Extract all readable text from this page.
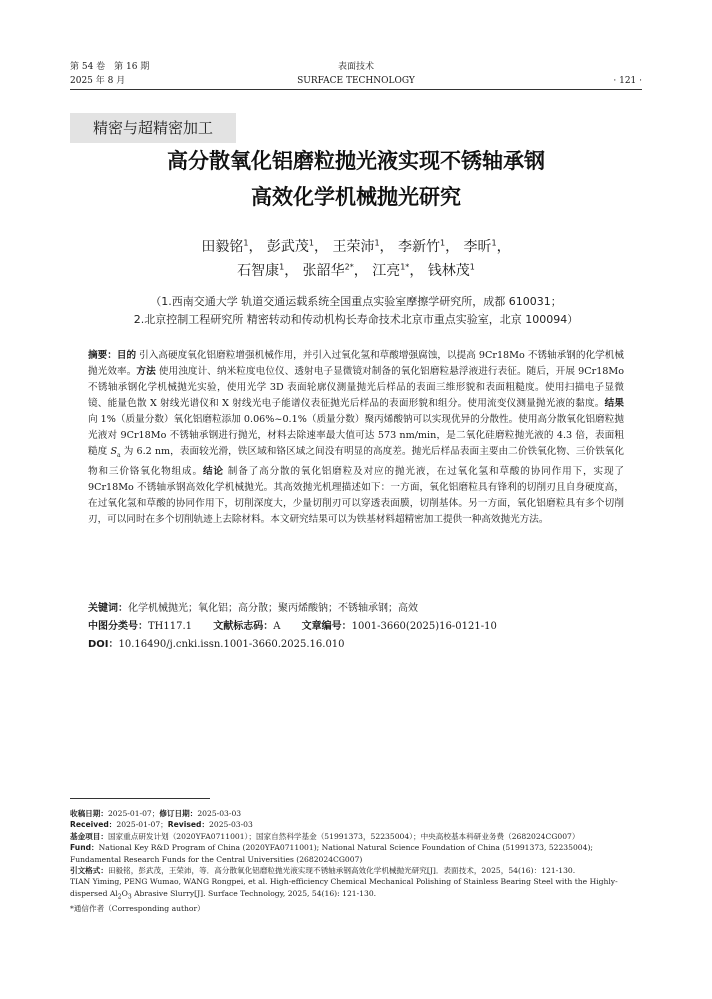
第 54 卷　第 16 期
2025 年 8 月
表面技术
SURFACE TECHNOLOGY	· 121 ·
精密与超精密加工
高分散氧化铝磨粒抛光液实现不锈轴承钢
高效化学机械抛光研究
田毅铭$^1$， 彭武茂$^1$， 王荣沛$^1$， 李新竹$^1$， 李昕$^1$，
石智康$^1$， 张韶华$^{2*}$， 江亮$^{1*}$， 钱林茂$^1$
（1.西南交通大学 轨道交通运载系统全国重点实验室摩擦学研究所，成都 610031；
2.北京控制工程研究所 精密转动和传动机构长寿命技术北京市重点实验室，北京 100094）
摘要：目的 引入高硬度氧化铝磨粒增强机械作用，并引入过氧化氢和草酸增强腐蚀，以提高 9Cr18Mo 不锈轴承钢的化学机械抛光效率。方法 使用浊度计、纳米粒度电位仪、透射电子显微镜对制备的氧化铝磨粒悬浮液进行表征。随后，开展 9Cr18Mo 不锈轴承钢化学机械抛光实验，使用光学 3D 表面轮廓仪测量抛光后样品的表面三维形貌和表面粗糙度。使用扫描电子显微镜、能量色散 X 射线光谱仪和 X 射线光电子能谱仪表征抛光后样品的表面形貌和组分。使用流变仪测量抛光液的黏度。结果 向 1%（质量分数）氧化铝磨粒添加 0.06%~0.1%（质量分数）聚丙烯酸钠可以实现优异的分散性。使用高分散氧化铝磨粒抛光液对 9Cr18Mo 不锈轴承钢进行抛光，材料去除速率最大值可达 573 nm/min，是二氧化硅磨粒抛光液的 4.3 倍，表面粗糙度 $S_a$ 为 6.2 nm，表面较光滑，铁区域和铬区域之间没有明显的高度差。抛光后样品表面主要由二价铁氧化物、三价铁氧化物和三价铬氧化物组成。结论 制备了高分散的氧化铝磨粒及对应的抛光液，在过氧化氢和草酸的协同作用下，实现了 9Cr18Mo 不锈轴承钢高效化学机械抛光。其高效抛光机理描述如下：一方面，氧化铝磨粒具有锋利的切削刃且自身硬度高，在过氧化氢和草酸的协同作用下，切削深度大，少量切削刃可以穿透表面膜，切削基体。另一方面，氧化铝磨粒具有多个切削刃，可以同时在多个切削轨迹上去除材料。本文研究结果可以为铁基材料超精密加工提供一种高效抛光方法。
关键词：化学机械抛光；氧化铝；高分散；聚丙烯酸钠；不锈轴承钢；高效
中图分类号：TH117.1 文献标志码：A 文章编号：1001-3660(2025)16-0121-10
DOI：10.16490/j.cnki.issn.1001-3660.2025.16.010
收稿日期：2025-01-07；修订日期：2025-03-03
Received：2025-01-07；Revised：2025-03-03
基金项目：国家重点研发计划（2020YFA0711001）；国家自然科学基金（51991373，52235004）；中央高校基本科研业务费（2682024CG007）
Fund：National Key R&D Program of China (2020YFA0711001); National Natural Science Foundation of China (51991373, 52235004); Fundamental Research Funds for the Central Universities (2682024CG007)
引文格式：田毅铭，彭武茂，王荣沛，等．高分散氧化铝磨粒抛光液实现不锈轴承钢高效化学机械抛光研究[J]．表面技术，2025，54(16)：121-130.
TIAN Yiming, PENG Wumao, WANG Rongpei, et al. High-efficiency Chemical Mechanical Polishing of Stainless Bearing Steel with the Highly-dispersed $Al_2O_3$ Abrasive Slurry[J]. Surface Technology, 2025, 54(16): 121-130.
*通信作者（Corresponding author）
